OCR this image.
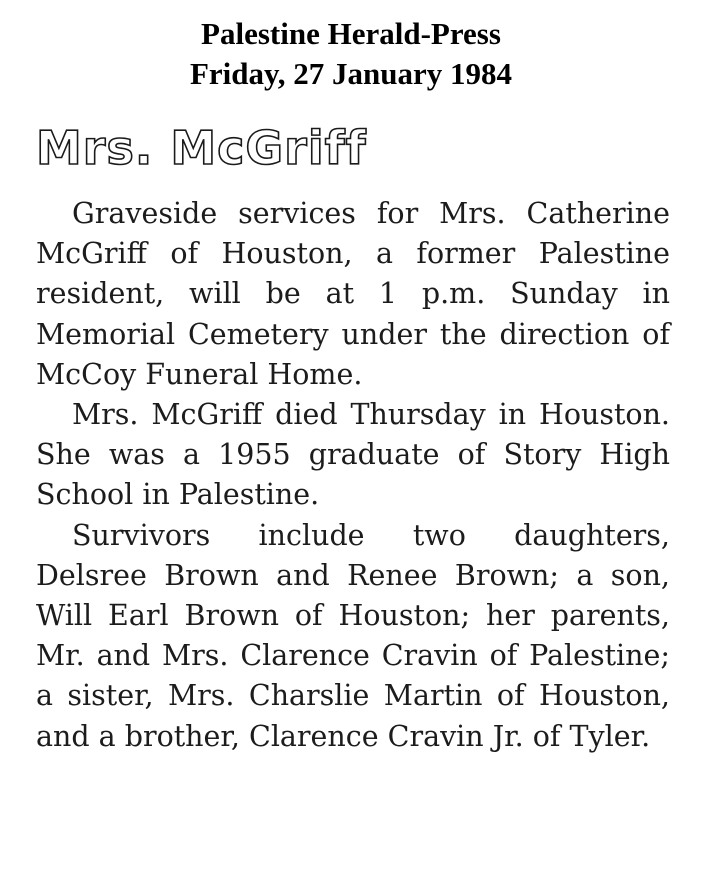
Palestine Herald-Press
Friday, 27 January 1984
Mrs. McGriff

Graveside services for Mrs. Catherine McGriff of Houston, a former Palestine resident, will be at 1 p.m. Sunday in Memorial Cemetery under the direction of McCoy Funeral Home.

Mrs. McGriff died Thursday in Houston. She was a 1955 graduate of Story High School in Palestine.

Survivors include two daughters, Delsree Brown and Renee Brown; a son, Will Earl Brown of Houston; her parents, Mr. and Mrs. Clarence Cravin of Palestine; a sister, Mrs. Charslie Martin of Houston, and a brother, Clarence Cravin Jr. of Tyler.
